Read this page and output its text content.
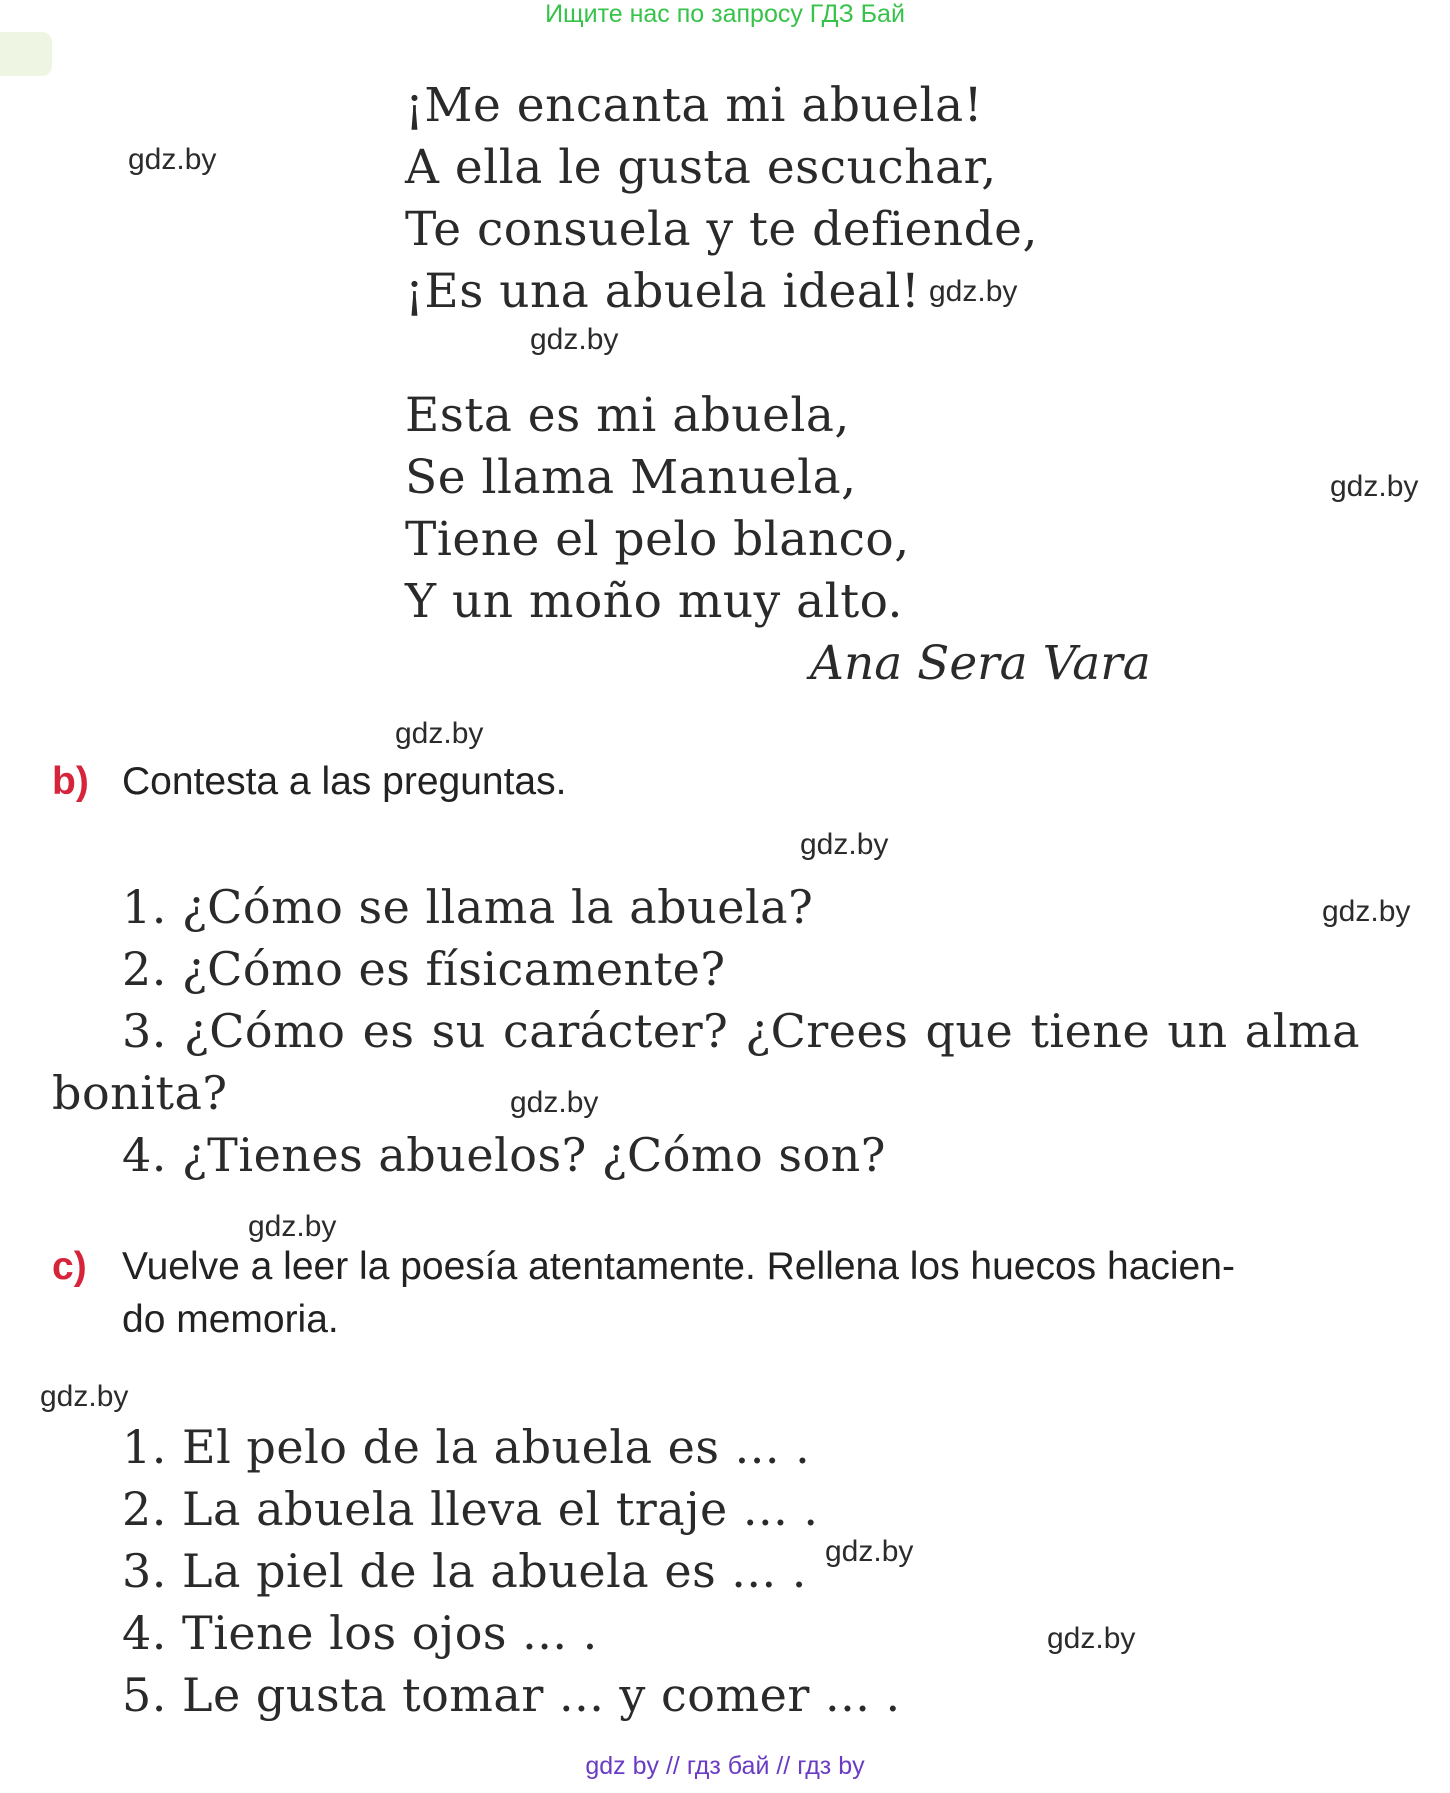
Ищите нас по запросу ГДЗ Бай
¡Me encanta mi abuela!
A ella le gusta escuchar,
Te consuela y te defiende,
¡Es una abuela ideal!
Esta es mi abuela,
Se llama Manuela,
Tiene el pelo blanco,
Y un moño muy alto.
Ana Sera Vara
b) Contesta a las preguntas.
1. ¿Cómo se llama la abuela?
2. ¿Cómo es físicamente?
3. ¿Cómo es su carácter? ¿Crees que tiene un alma
bonita?
4. ¿Tienes abuelos? ¿Cómo son?
c) Vuelve a leer la poesía atentamente. Rellena los huecos hacien-
do memoria.
1. El pelo de la abuela es ... .
2. La abuela lleva el traje ... .
3. La piel de la abuela es ... .
4. Tiene los ojos ... .
5. Le gusta tomar ... y comer ... .
gdz.by
gdz.by
gdz.by
gdz.by
gdz.by
gdz.by
gdz.by
gdz.by
gdz.by
gdz.by
gdz.by
gdz.by
gdz by // гдз бай // гдз by
